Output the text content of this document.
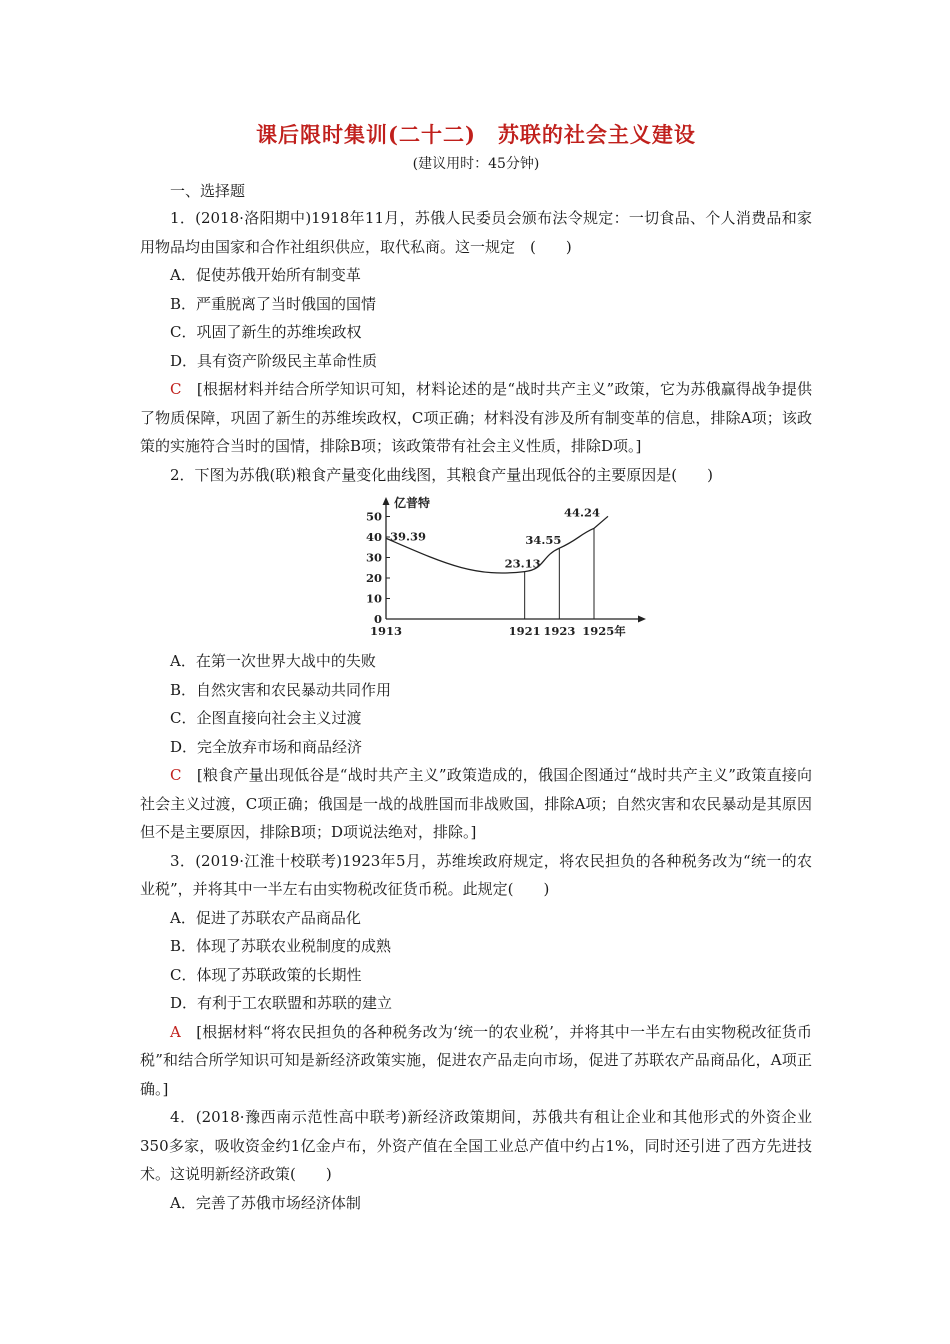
课后限时集训(二十二)　苏联的社会主义建设
(建议用时：45分钟)
一、选择题
1．(2018·洛阳期中)1918年11月，苏俄人民委员会颁布法令规定：一切食品、个人消费品和家用物品均由国家和合作社组织供应，取代私商。这一规定　(　　)
A．促使苏俄开始所有制变革
B．严重脱离了当时俄国的国情
C．巩固了新生的苏维埃政权
D．具有资产阶级民主革命性质
C　 [根据材料并结合所学知识可知，材料论述的是“战时共产主义”政策，它为苏俄赢得战争提供了物质保障，巩固了新生的苏维埃政权，C项正确；材料没有涉及所有制变革的信息，排除A项；该政策的实施符合当时的国情，排除B项；该政策带有社会主义性质，排除D项。]
2．下图为苏俄(联)粮食产量变化曲线图，其粮食产量出现低谷的主要原因是(　　)
亿普特
0
10
20
30
40
50
39.39
23.13
34.55
44.24
1913	1921 1923 1925年
A．在第一次世界大战中的失败
B．自然灾害和农民暴动共同作用
C．企图直接向社会主义过渡
D．完全放弃市场和商品经济
C　 [粮食产量出现低谷是“战时共产主义”政策造成的，俄国企图通过“战时共产主义”政策直接向社会主义过渡，C项正确；俄国是一战的战胜国而非战败国，排除A项；自然灾害和农民暴动是其原因但不是主要原因，排除B项；D项说法绝对，排除。]
3．(2019·江淮十校联考)1923年5月，苏维埃政府规定，将农民担负的各种税务改为“统一的农业税”，并将其中一半左右由实物税改征货币税。此规定(　　)
A．促进了苏联农产品商品化
B．体现了苏联农业税制度的成熟
C．体现了苏联政策的长期性
D．有利于工农联盟和苏联的建立
A　 [根据材料“将农民担负的各种税务改为‘统一的农业税’，并将其中一半左右由实物税改征货币税”和结合所学知识可知是新经济政策实施，促进农产品走向市场，促进了苏联农产品商品化，A项正确。]
4．(2018·豫西南示范性高中联考)新经济政策期间，苏俄共有租让企业和其他形式的外资企业350多家，吸收资金约1亿金卢布，外资产值在全国工业总产值中约占1%，同时还引进了西方先进技术。这说明新经济政策(　　)
A．完善了苏俄市场经济体制
